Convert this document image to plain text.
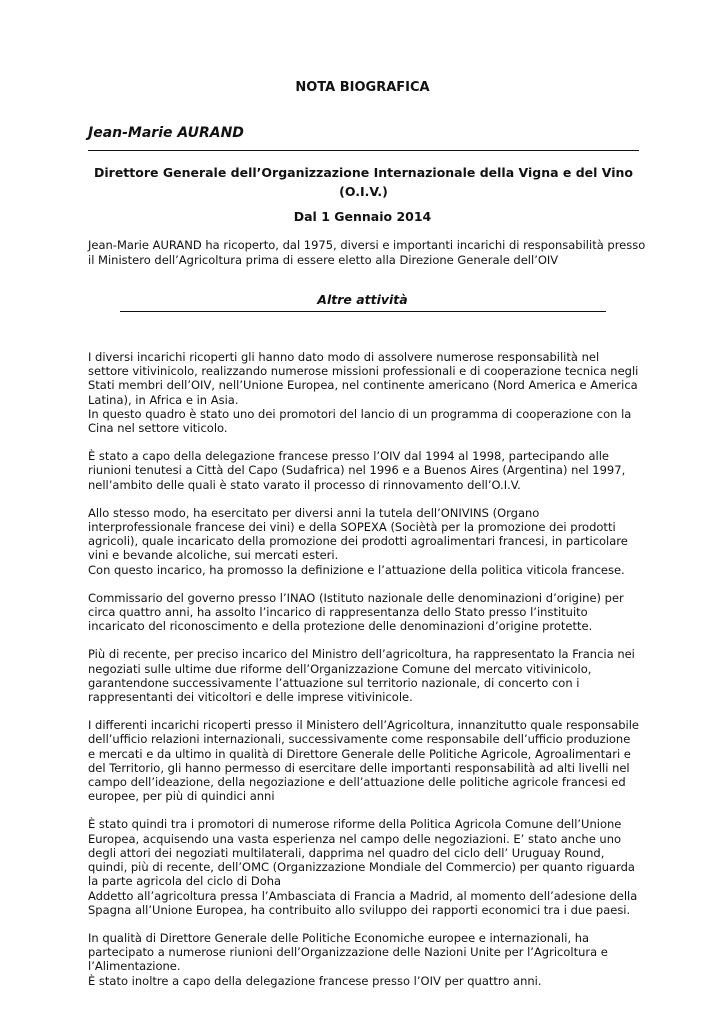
NOTA BIOGRAFICA
Jean-Marie AURAND
Direttore Generale dell’Organizzazione Internazionale della Vigna e del Vino (O.I.V.)
Dal 1 Gennaio 2014
Jean-Marie AURAND ha ricoperto, dal 1975, diversi e importanti incarichi di responsabilità presso il Ministero dell’Agricoltura prima di essere eletto alla Direzione Generale dell’OIV
Altre attività

I diversi incarichi ricoperti gli hanno dato modo di assolvere numerose responsabilità nel settore vitivinicolo, realizzando numerose missioni professionali e di cooperazione tecnica negli Stati membri dell’OIV, nell’Unione Europea, nel continente americano (Nord America e America Latina), in Africa e in Asia.
In questo quadro è stato uno dei promotori del lancio di un programma di cooperazione con la Cina nel settore viticolo.

È stato a capo della delegazione francese presso l’OIV dal 1994 al 1998, partecipando alle riunioni tenutesi a Città del Capo (Sudafrica) nel 1996 e a Buenos Aires (Argentina) nel 1997, nell’ambito delle quali è stato varato il processo di rinnovamento dell’O.I.V.

Allo stesso modo, ha esercitato per diversi anni la tutela dell’ONIVINS (Organo interprofessionale francese dei vini) e della SOPEXA (Sociètà per la promozione dei prodotti agricoli), quale incaricato della promozione dei prodotti agroalimentari francesi, in particolare vini e bevande alcoliche, sui mercati esteri.
Con questo incarico, ha promosso la definizione e l’attuazione della politica viticola francese.

Commissario del governo presso l’INAO (Istituto nazionale delle denominazioni d’origine) per circa quattro anni, ha assolto l’incarico di rappresentanza dello Stato presso l’instituito incaricato del riconoscimento e della protezione delle denominazioni d’origine protette.

Più di recente, per preciso incarico del Ministro dell’agricoltura, ha rappresentato la Francia nei negoziati sulle ultime due riforme dell’Organizzazione Comune del mercato vitivinicolo, garantendone successivamente l’attuazione sul territorio nazionale, di concerto con i rappresentanti dei viticoltori e delle imprese vitivinicole.

I differenti incarichi ricoperti presso il Ministero dell’Agricoltura, innanzitutto quale responsabile dell’ufficio relazioni internazionali, successivamente come responsabile dell’ufficio produzione e mercati e da ultimo in qualità di Direttore Generale delle Politiche Agricole, Agroalimentari e del Territorio, gli hanno permesso di esercitare delle importanti responsabilità ad alti livelli nel campo dell’ideazione, della negoziazione e dell’attuazione delle politiche agricole francesi ed europee, per più di quindici anni

È stato quindi tra i promotori di numerose riforme della Politica Agricola Comune dell’Unione Europea, acquisendo una vasta esperienza nel campo delle negoziazioni. E’ stato anche uno degli attori dei negoziati multilaterali, dapprima nel quadro del ciclo dell’ Uruguay Round, quindi, più di recente, dell’OMC (Organizzazione Mondiale del Commercio) per quanto riguarda la parte agricola del ciclo di Doha
Addetto all’agricoltura pressa l’Ambasciata di Francia a Madrid, al momento dell’adesione della Spagna all’Unione Europea, ha contribuito allo sviluppo dei rapporti economici tra i due paesi.

In qualità di Direttore Generale delle Politiche Economiche europee e internazionali, ha partecipato a numerose riunioni dell’Organizzazione delle Nazioni Unite per l’Agricoltura e l’Alimentazione.
È stato inoltre a capo della delegazione francese presso l’OIV per quattro anni.
